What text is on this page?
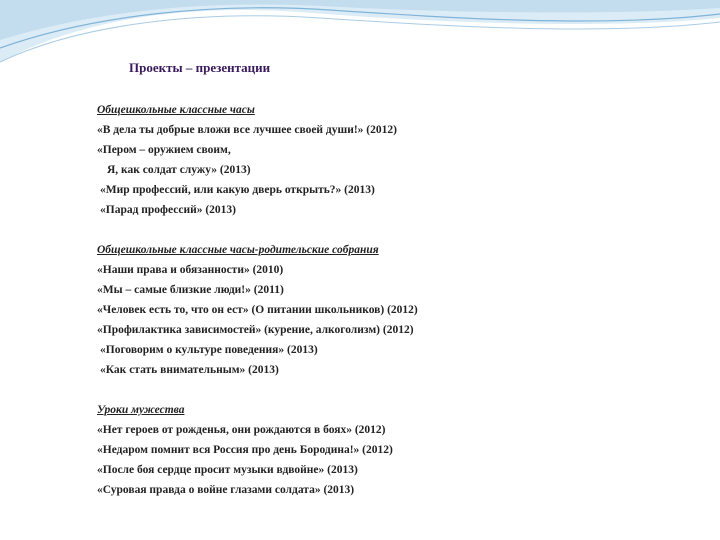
Проекты – презентации
Общешкольные классные часы
«В дела ты добрые вложи все лучшее своей души!» (2012)
«Пером – оружием своим,
Я, как солдат служу» (2013)
«Мир профессий, или какую дверь открыть?» (2013)
«Парад профессий» (2013)
Общешкольные классные часы-родительские собрания
«Наши права и обязанности» (2010)
«Мы – самые близкие люди!» (2011)
«Человек есть то, что он ест» (О питании школьников) (2012)
«Профилактика зависимостей» (курение, алкоголизм) (2012)
«Поговорим о культуре поведения» (2013)
«Как стать внимательным» (2013)
Уроки мужества
«Нет героев от рожденья, они рождаются в боях» (2012)
«Недаром помнит вся Россия про день Бородина!» (2012)
«После боя сердце просит музыки вдвойне» (2013)
«Суровая правда о войне глазами солдата» (2013)
